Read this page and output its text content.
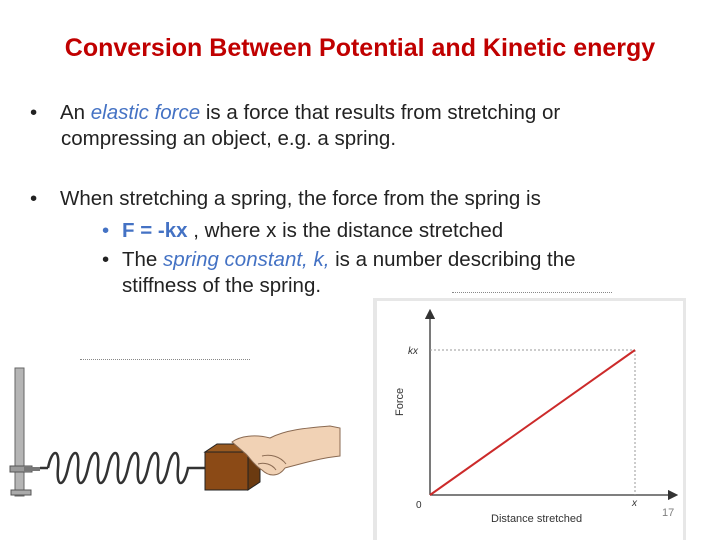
Conversion Between Potential and Kinetic energy
• An elastic force is a force that results from stretching or
compressing an object, e.g. a spring.
• When stretching a spring, the force from the spring is
• F = -kx , where x is the distance stretched
• The spring constant, k, is a number describing the
stiffness of the spring.
kx
x
0
Force
Distance stretched	17
